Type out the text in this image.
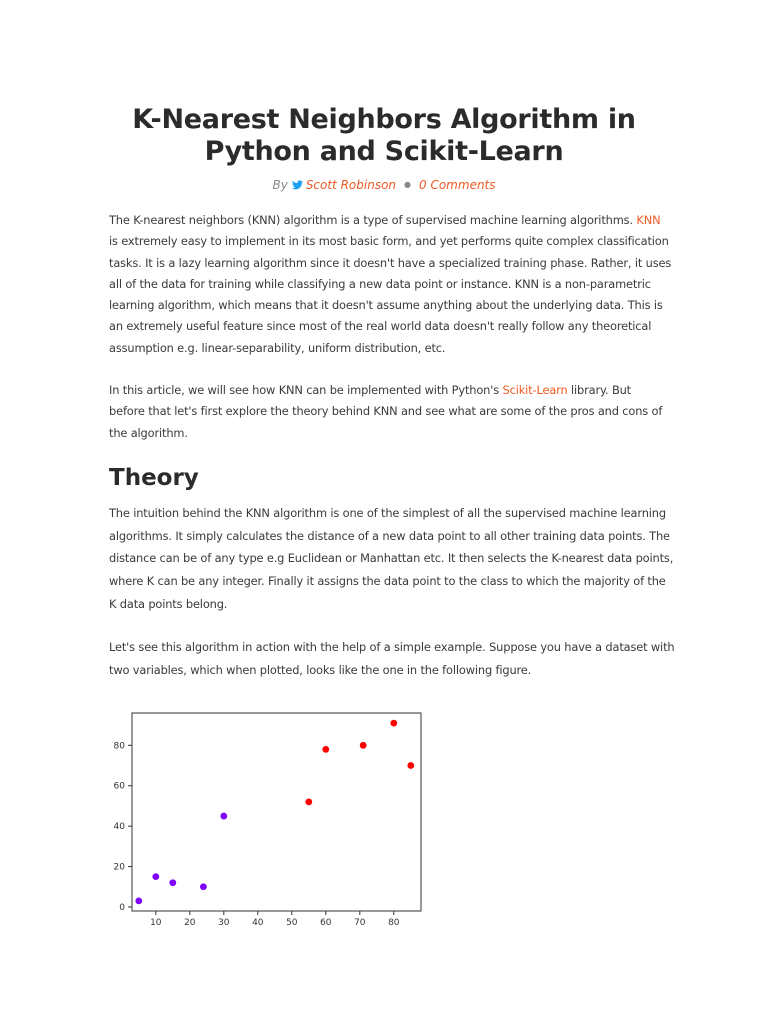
K-Nearest Neighbors Algorithm in
Python and Scikit-Learn
By Scott Robinson ● 0 Comments
The K-nearest neighbors (KNN) algorithm is a type of supervised machine learning algorithms. KNN
is extremely easy to implement in its most basic form, and yet performs quite complex classification
tasks. It is a lazy learning algorithm since it doesn't have a specialized training phase. Rather, it uses
all of the data for training while classifying a new data point or instance. KNN is a non-parametric
learning algorithm, which means that it doesn't assume anything about the underlying data. This is
an extremely useful feature since most of the real world data doesn't really follow any theoretical
assumption e.g. linear-separability, uniform distribution, etc.
In this article, we will see how KNN can be implemented with Python's Scikit-Learn library. But
before that let's first explore the theory behind KNN and see what are some of the pros and cons of
the algorithm.
Theory
The intuition behind the KNN algorithm is one of the simplest of all the supervised machine learning
algorithms. It simply calculates the distance of a new data point to all other training data points. The
distance can be of any type e.g Euclidean or Manhattan etc. It then selects the K-nearest data points,
where K can be any integer. Finally it assigns the data point to the class to which the majority of the
K data points belong.
Let's see this algorithm in action with the help of a simple example. Suppose you have a dataset with
two variables, which when plotted, looks like the one in the following figure.
10	20	30	40	50	60	70	80
0
20
40
60
80
